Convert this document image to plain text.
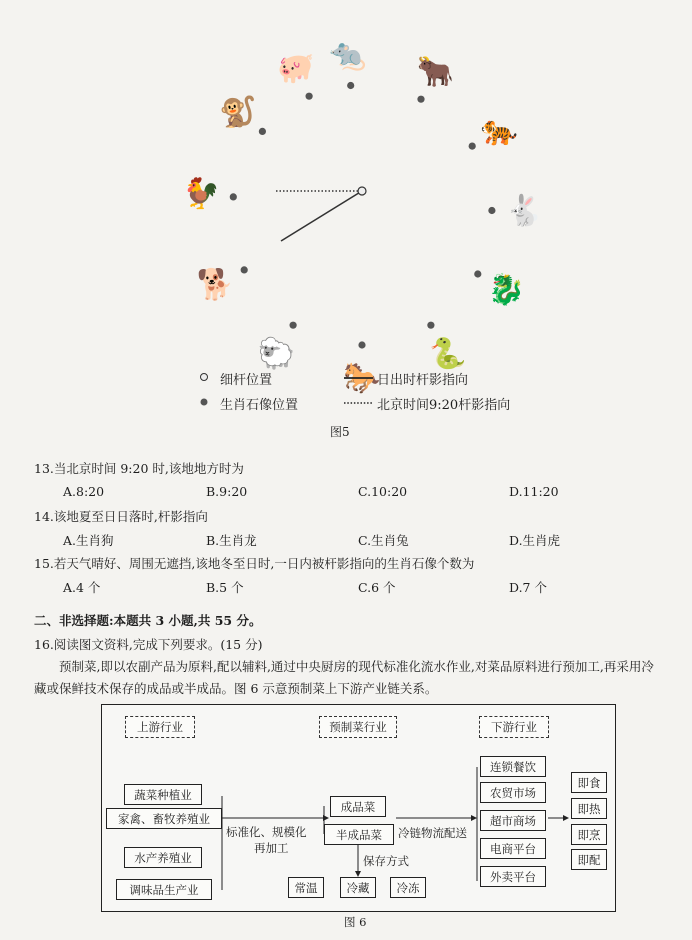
🐀 🐂
🐅
🐇
🐉
🐍
🐎
🐑
🐕
🐓
🐒
🐖
细杆位置
生肖石像位置
日出时杆影指向
北京时间9:20杆影指向
图5
13.当北京时间 9:20 时,该地地方时为
A.8:20	B.9:20	C.10:20	D.11:20
14.该地夏至日日落时,杆影指向
A.生肖狗	B.生肖龙	C.生肖兔	D.生肖虎
15.若天气晴好、周围无遮挡,该地冬至日时,一日内被杆影指向的生肖石像个数为
A.4 个	B.5 个	C.6 个	D.7 个
二、非选择题:本题共 3 小题,共 55 分。
16.阅读图文资料,完成下列要求。(15 分)
预制菜,即以农副产品为原料,配以辅料,通过中央厨房的现代标准化流水作业,对菜品原料进行预加工,再采用冷藏或保鲜技术保存的成品或半成品。图 6 示意预制菜上下游产业链关系。
上游行业	预制菜行业	下游行业
蔬菜种植业
家禽、畜牧养殖业
水产养殖业
调味品生产业
标准化、规模化
再加工
成品菜
半成品菜	冷链物流配送
保存方式
常温	冷藏	冷冻
连锁餐饮
农贸市场
超市商场
电商平台
外卖平台
即食
即热
即烹
即配
图 6
